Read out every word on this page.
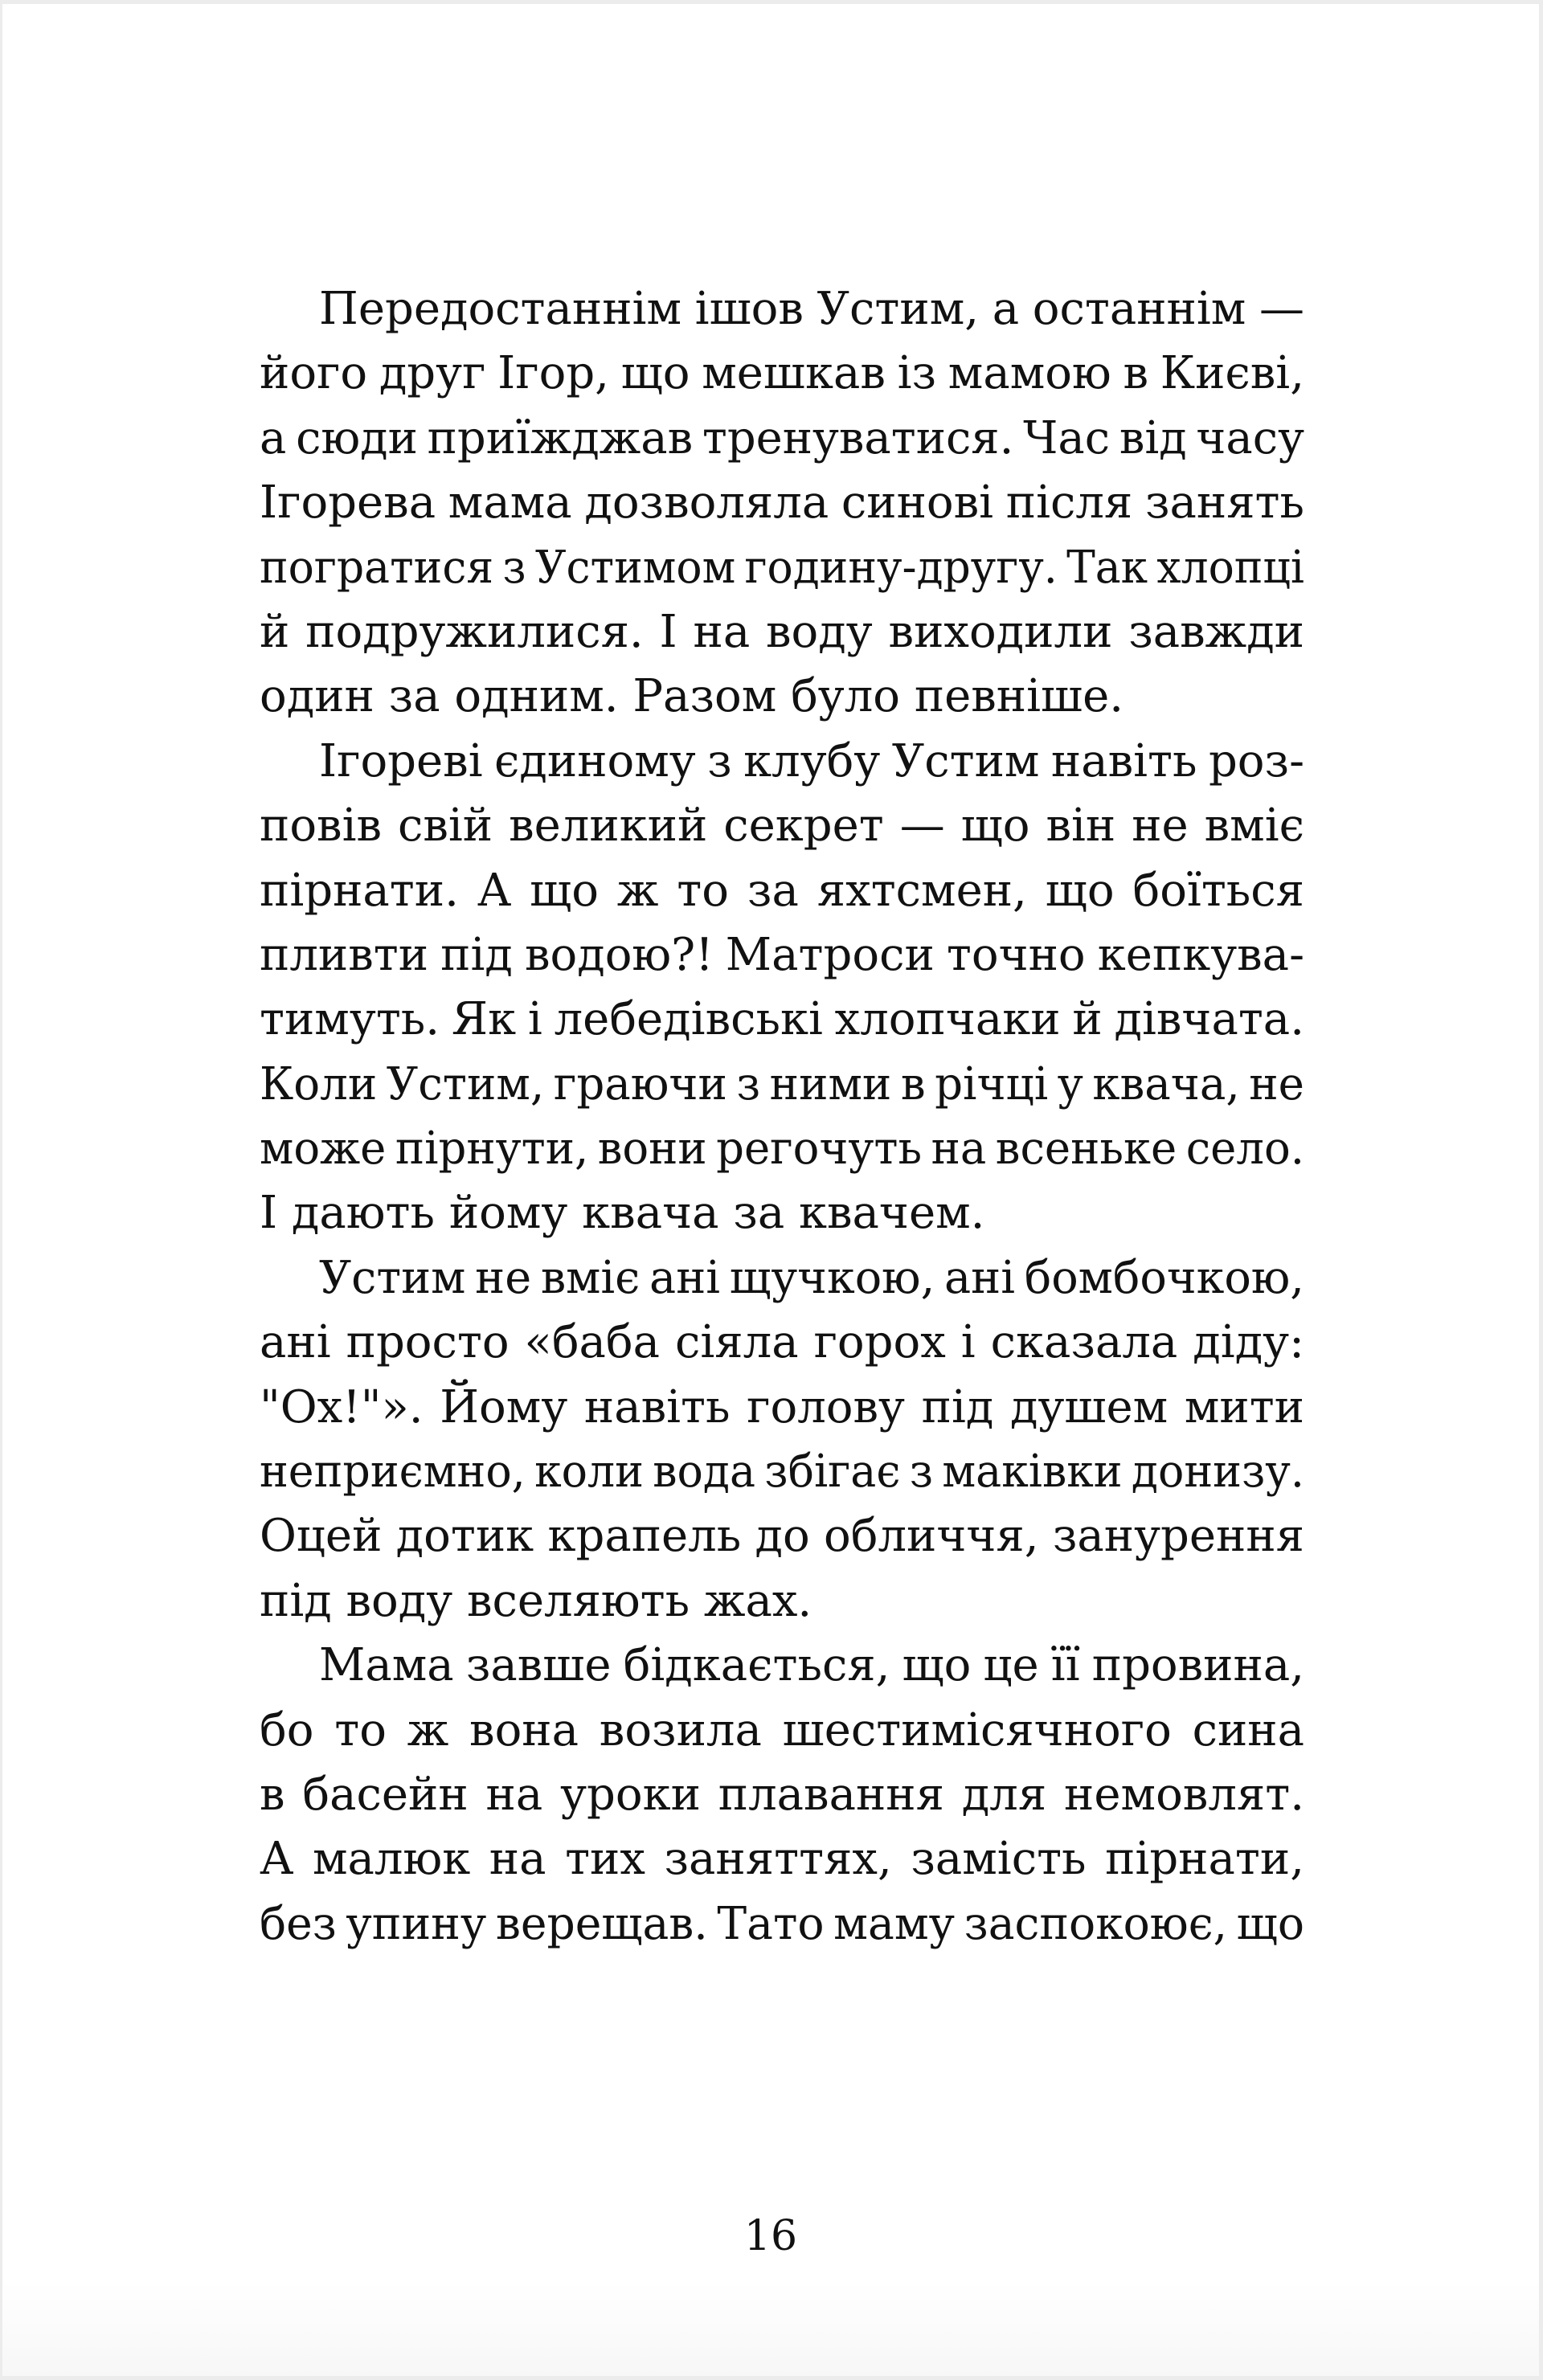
Передостаннім ішов Устим, а останнім —
його друг Ігор, що мешкав із мамою в Києві,
а сюди приїжджав тренуватися. Час від часу
Ігорева мама дозволяла синові після занять
погратися з Устимом годину-другу. Так хлопці
й подружилися. І на воду виходили завжди
один за одним. Разом було певніше.
Ігореві єдиному з клубу Устим навіть роз-
повів свій великий секрет — що він не вміє
пірнати. А що ж то за яхтсмен, що боїться
пливти під водою?! Матроси точно кепкува-
тимуть. Як і лебедівські хлопчаки й дівчата.
Коли Устим, граючи з ними в річці у квача, не
може пірнути, вони регочуть на всеньке село.
І дають йому квача за квачем.
Устим не вміє ані щучкою, ані бомбочкою,
ані просто «баба сіяла горох і сказала діду:
"Ох!"». Йому навіть голову під душем мити
неприємно, коли вода збігає з маківки донизу.
Оцей дотик крапель до обличчя, занурення
під воду вселяють жах.
Мама завше бідкається, що це її провина,
бо то ж вона возила шестимісячного сина
в басейн на уроки плавання для немовлят.
А малюк на тих заняттях, замість пірнати,
без упину верещав. Тато маму заспокоює, що
16
